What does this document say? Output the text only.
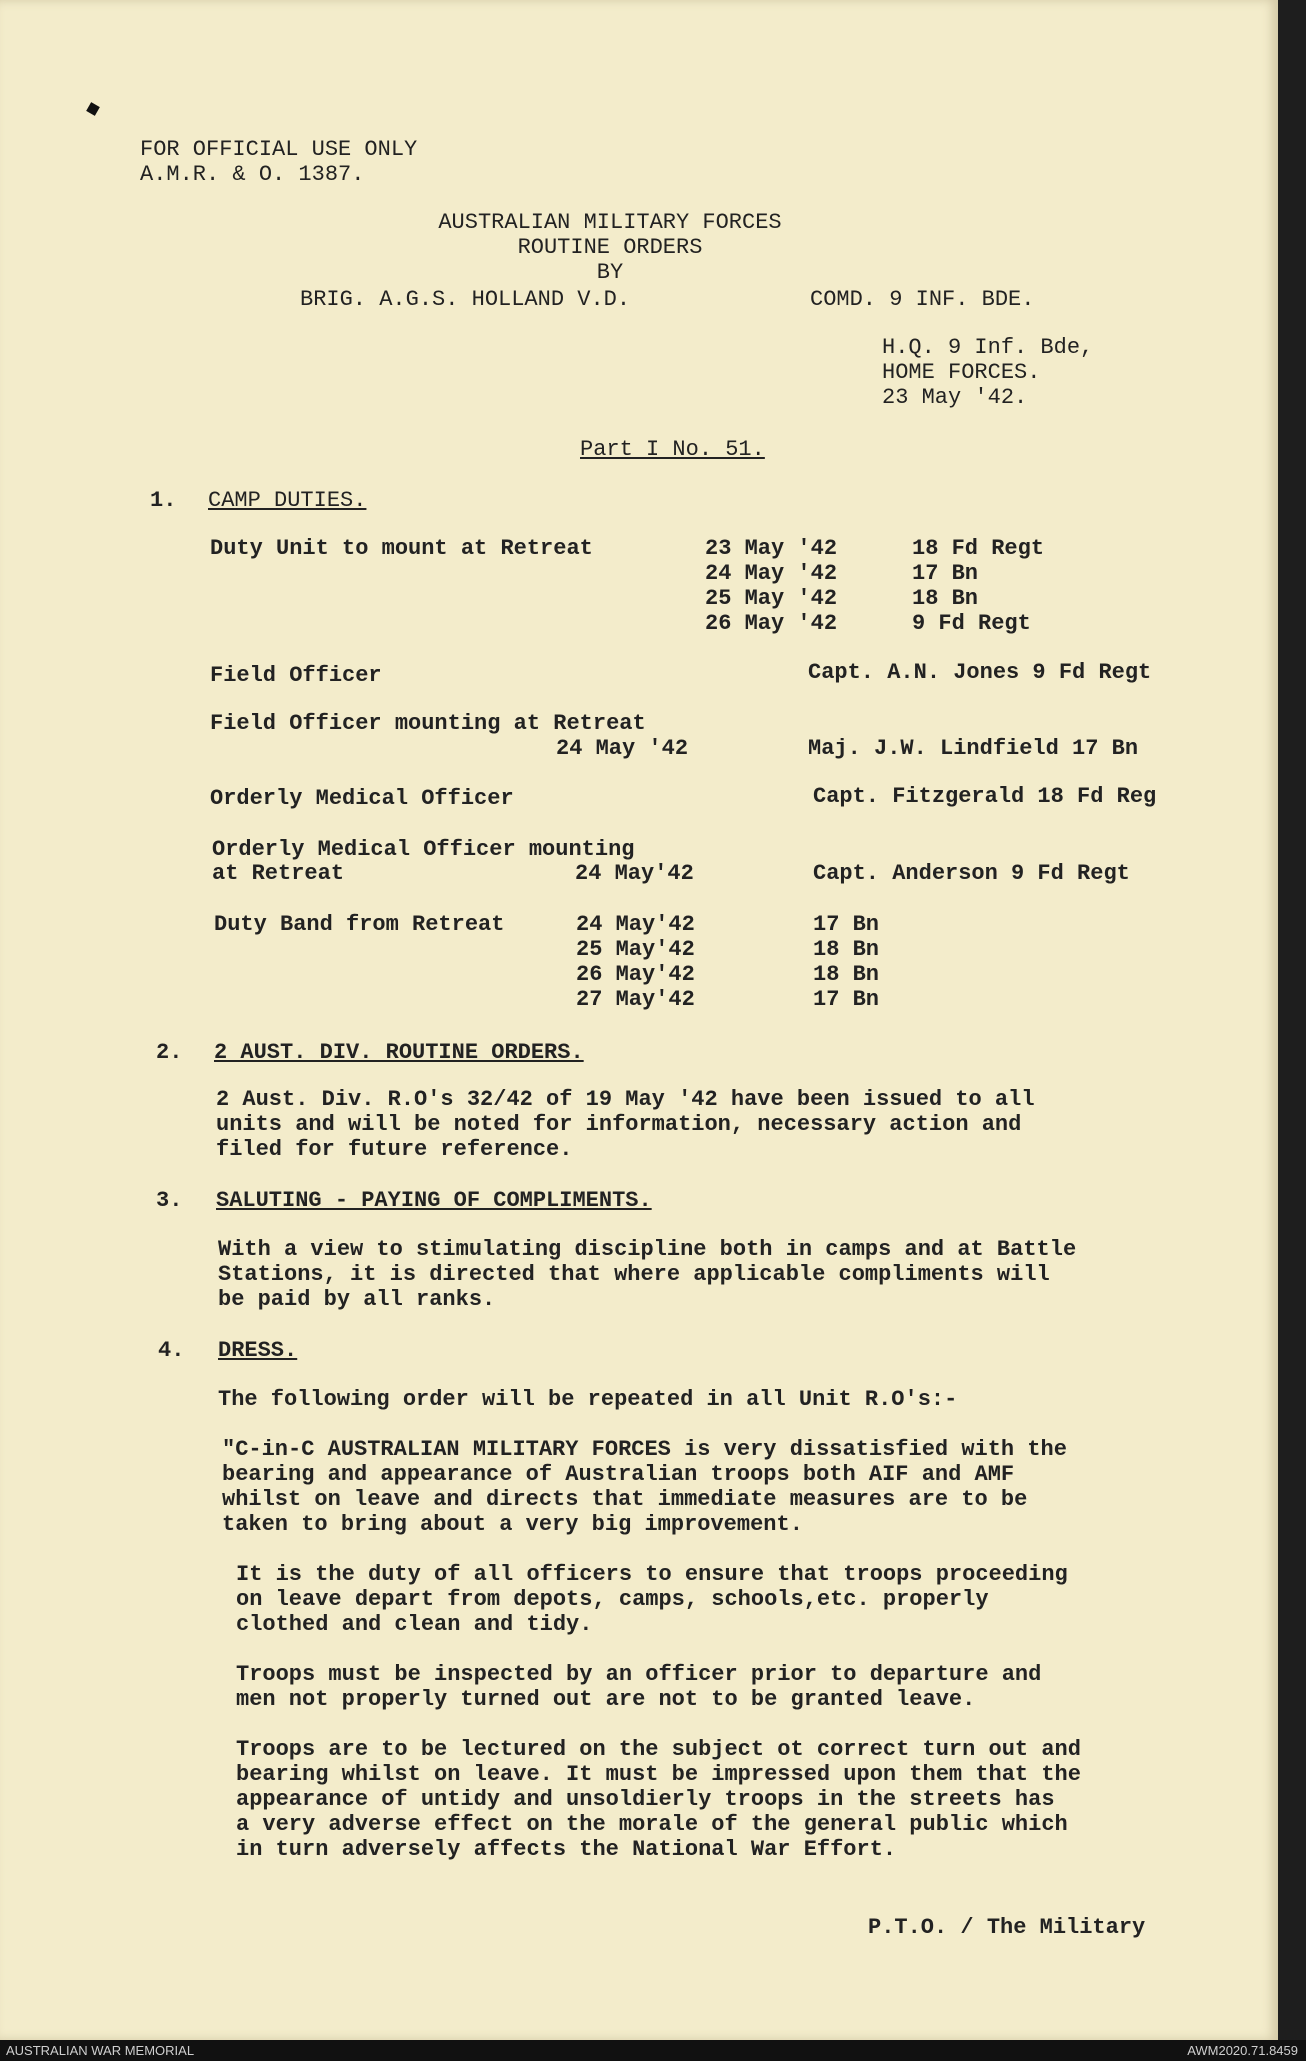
FOR OFFICIAL USE ONLY
A.M.R. & O. 1387.
AUSTRALIAN MILITARY FORCES
ROUTINE ORDERS
BY
BRIG. A.G.S. HOLLAND V.D.	COMD. 9 INF. BDE.
H.Q. 9 Inf. Bde,
HOME FORCES.
23 May '42.
Part I No. 51.
1. CAMP DUTIES.
Duty Unit to mount at Retreat	23 May '42	18 Fd Regt
24 May '42	17 Bn
25 May '42	18 Bn
26 May '42	9 Fd Regt
Field Officer	Capt. A.N. Jones 9 Fd Regt
Field Officer mounting at Retreat
24 May '42	Maj. J.W. Lindfield 17 Bn
Orderly Medical Officer	Capt. Fitzgerald 18 Fd Reg
Orderly Medical Officer mounting
at Retreat	24 May'42	Capt. Anderson 9 Fd Regt
Duty Band from Retreat	24 May'42	17 Bn
25 May'42	18 Bn
26 May'42	18 Bn
27 May'42	17 Bn
2. 2 AUST. DIV. ROUTINE ORDERS.
2 Aust. Div. R.O's 32/42 of 19 May '42 have been issued to all
units and will be noted for information, necessary action and
filed for future reference.
3. SALUTING - PAYING OF COMPLIMENTS.
With a view to stimulating discipline both in camps and at Battle
Stations, it is directed that where applicable compliments will
be paid by all ranks.
4. DRESS.
The following order will be repeated in all Unit R.O's:-
"C-in-C AUSTRALIAN MILITARY FORCES is very dissatisfied with the
bearing and appearance of Australian troops both AIF and AMF
whilst on leave and directs that immediate measures are to be
taken to bring about a very big improvement.
It is the duty of all officers to ensure that troops proceeding
on leave depart from depots, camps, schools,etc. properly
clothed and clean and tidy.
Troops must be inspected by an officer prior to departure and
men not properly turned out are not to be granted leave.
Troops are to be lectured on the subject ot correct turn out and
bearing whilst on leave. It must be impressed upon them that the
appearance of untidy and unsoldierly troops in the streets has
a very adverse effect on the morale of the general public which
in turn adversely affects the National War Effort.
P.T.O. / The Military
AUSTRALIAN WAR MEMORIAL	AWM2020.71.8459
